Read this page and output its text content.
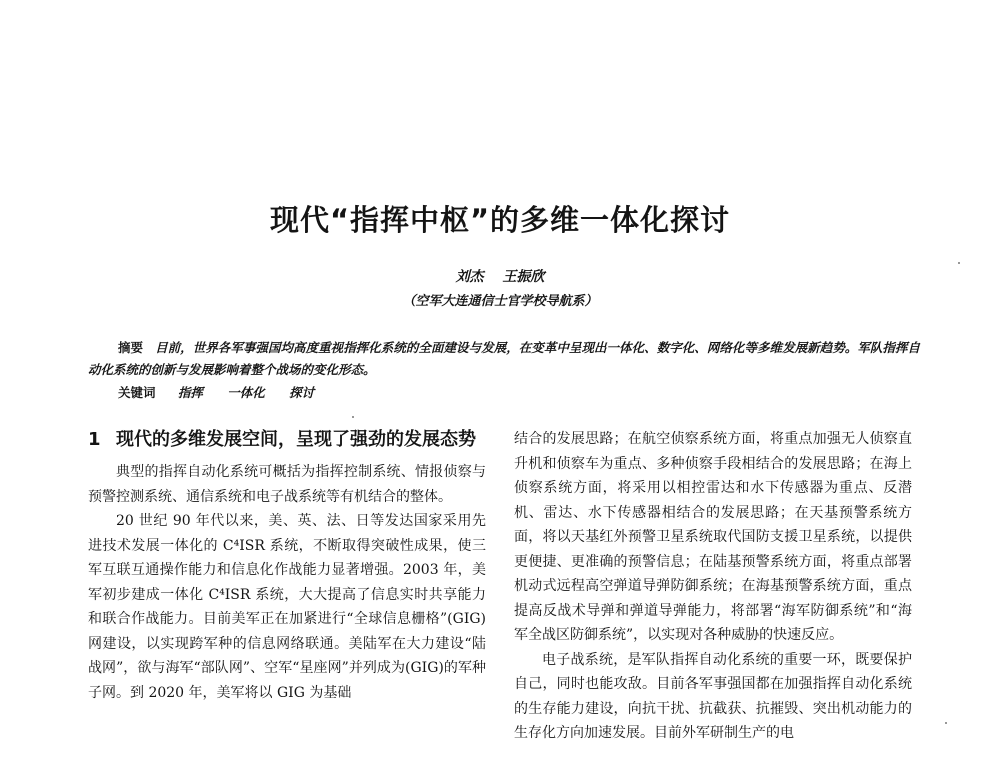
现代“指挥中枢”的多维一体化探讨
刘杰 王振欣
（空军大连通信士官学校导航系）
摘要 目前，世界各军事强国均高度重视指挥化系统的全面建设与发展，在变革中呈现出一体化、数字化、网络化等多维发展新趋势。军队指挥自动化系统的创新与发展影响着整个战场的变化形态。
关键词 指挥 一体化 探讨
1 现代的多维发展空间，呈现了强劲的发展态势

典型的指挥自动化系统可概括为指挥控制系统、情报侦察与预警控测系统、通信系统和电子战系统等有机结合的整体。

20 世纪 90 年代以来，美、英、法、日等发达国家采用先进技术发展一体化的 C⁴ISR 系统，不断取得突破性成果，使三军互联互通操作能力和信息化作战能力显著增强。2003 年，美军初步建成一体化 C⁴ISR 系统，大大提高了信息实时共享能力和联合作战能力。目前美军正在加紧进行“全球信息栅格”(GIG)网建设，以实现跨军种的信息网络联通。美陆军在大力建设“陆战网”，欲与海军“部队网”、空军“星座网”并列成为(GIG)的军种子网。到 2020 年，美军将以 GIG 为基础

结合的发展思路；在航空侦察系统方面，将重点加强无人侦察直升机和侦察车为重点、多种侦察手段相结合的发展思路；在海上侦察系统方面，将采用以相控雷达和水下传感器为重点、反潜机、雷达、水下传感器相结合的发展思路；在天基预警系统方面，将以天基红外预警卫星系统取代国防支援卫星系统，以提供更便捷、更准确的预警信息；在陆基预警系统方面，将重点部署机动式远程高空弹道导弹防御系统；在海基预警系统方面，重点提高反战术导弹和弹道导弹能力，将部署“海军防御系统”和“海军全战区防御系统”，以实现对各种威胁的快速反应。

电子战系统，是军队指挥自动化系统的重要一环，既要保护自己，同时也能攻敌。目前各军事强国都在加强指挥自动化系统的生存能力建设，向抗干扰、抗截获、抗摧毁、突出机动能力的生存化方向加速发展。目前外军研制生产的电
